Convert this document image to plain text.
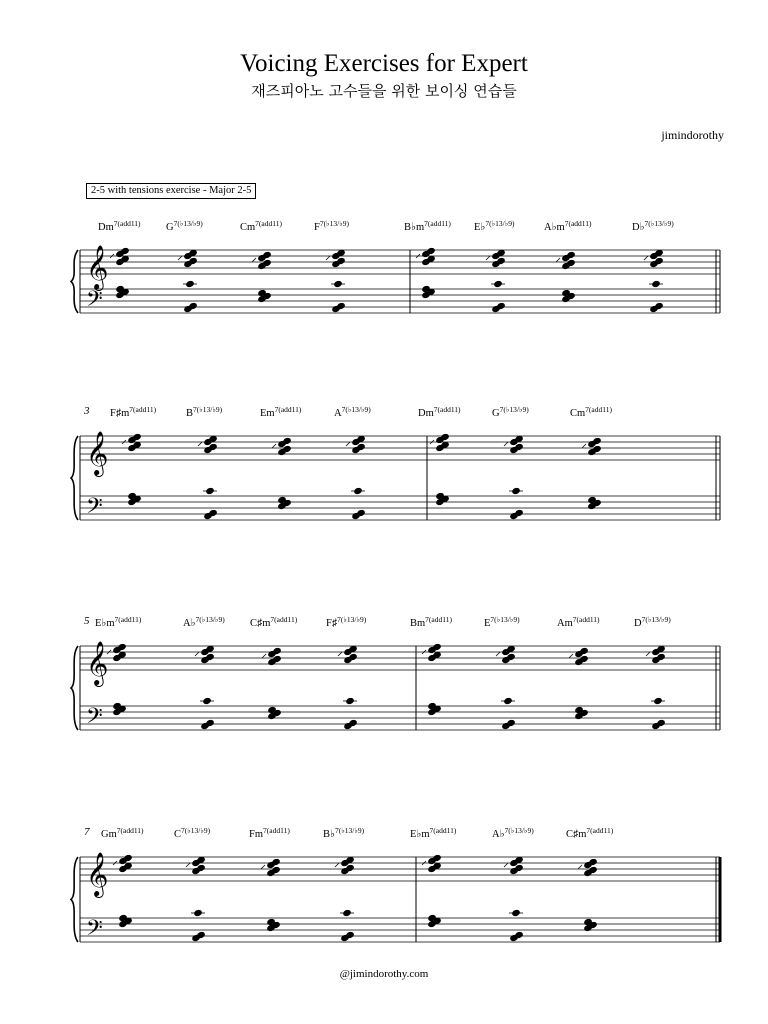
Voicing Exercises for Expert
재즈피아노 고수들을 위한 보이싱 연습들
jimindorothy
2-5 with tensions exercise - Major 2-5
𝄞
𝄢
$Dm^{7(add11)}$ $G^{7(♭13/♭9)}$	$Cm^{7(add11)}$	$F^{7(♭13/♭9)}$	$B♭m^{7(add11)}$ E♭$^{7(♭13/♭9)}$	$A♭m^{7(add11)}$	D♭$^{7(♭13/♭9)}$
𝄞
𝄢
3 $F♯m^{7(add11)}$	$B^{7(♭13/♭9)}$	$Em^{7(add11)}$	$A^{7(♭13/♭9)}$	$Dm^{7(add11)}$	$G^{7(♭13/♭9)}$	$Cm^{7(add11)}$
𝄞
𝄢
5 $E♭m^{7(add11)}$	A♭$^{7(♭13/♭9)}$ $C♯m^{7(add11)}$	F♯$^{7(♭13/♭9)}$	$Bm^{7(add11)}$	$E^{7(♭13/♭9)}$	$Am^{7(add11)}$	$D^{7(♭13/♭9)}$
𝄞
𝄢
7 $Gm^{7(add11)}$	$C^{7(♭13/♭9)}$	$Fm^{7(add11)}$	B♭$^{7(♭13/♭9)}$	$E♭m^{7(add11)}$	A♭$^{7(♭13/♭9)}$	$C♯m^{7(add11)}$
@jimindorothy.com
